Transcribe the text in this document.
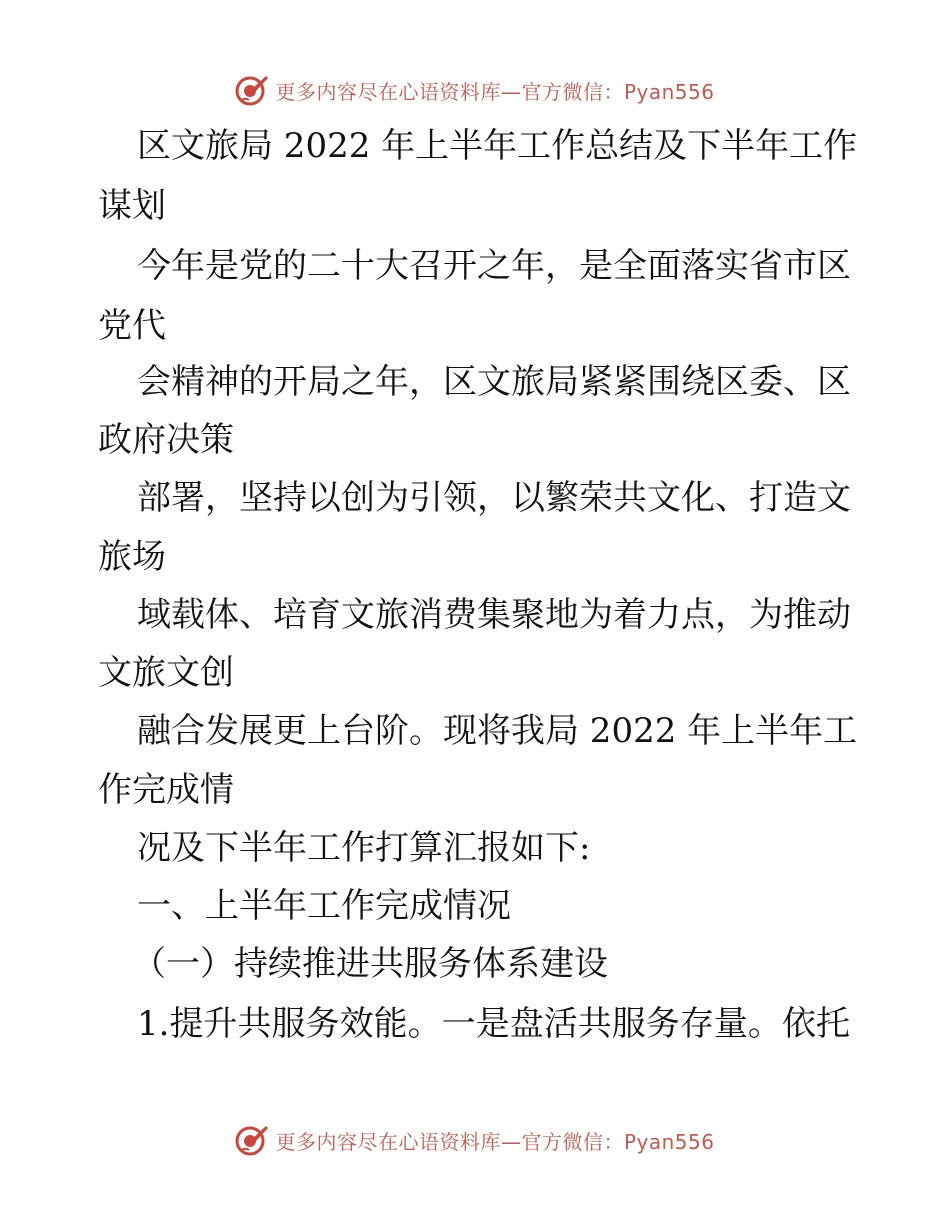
更多内容尽在心语资料库—官方微信：Pyan556
区文旅局 2022 年上半年工作总结及下半年工作
谋划
今年是党的二十大召开之年，是全面落实省市区
党代
会精神的开局之年，区文旅局紧紧围绕区委、区
政府决策
部署，坚持以创为引领，以繁荣共文化、打造文
旅场
域载体、培育文旅消费集聚地为着力点，为推动
文旅文创
融合发展更上台阶。现将我局 2022 年上半年工
作完成情
况及下半年工作打算汇报如下:
一、上半年工作完成情况
（一）持续推进共服务体系建设
1.提升共服务效能。一是盘活共服务存量。依托
更多内容尽在心语资料库—官方微信：Pyan556
